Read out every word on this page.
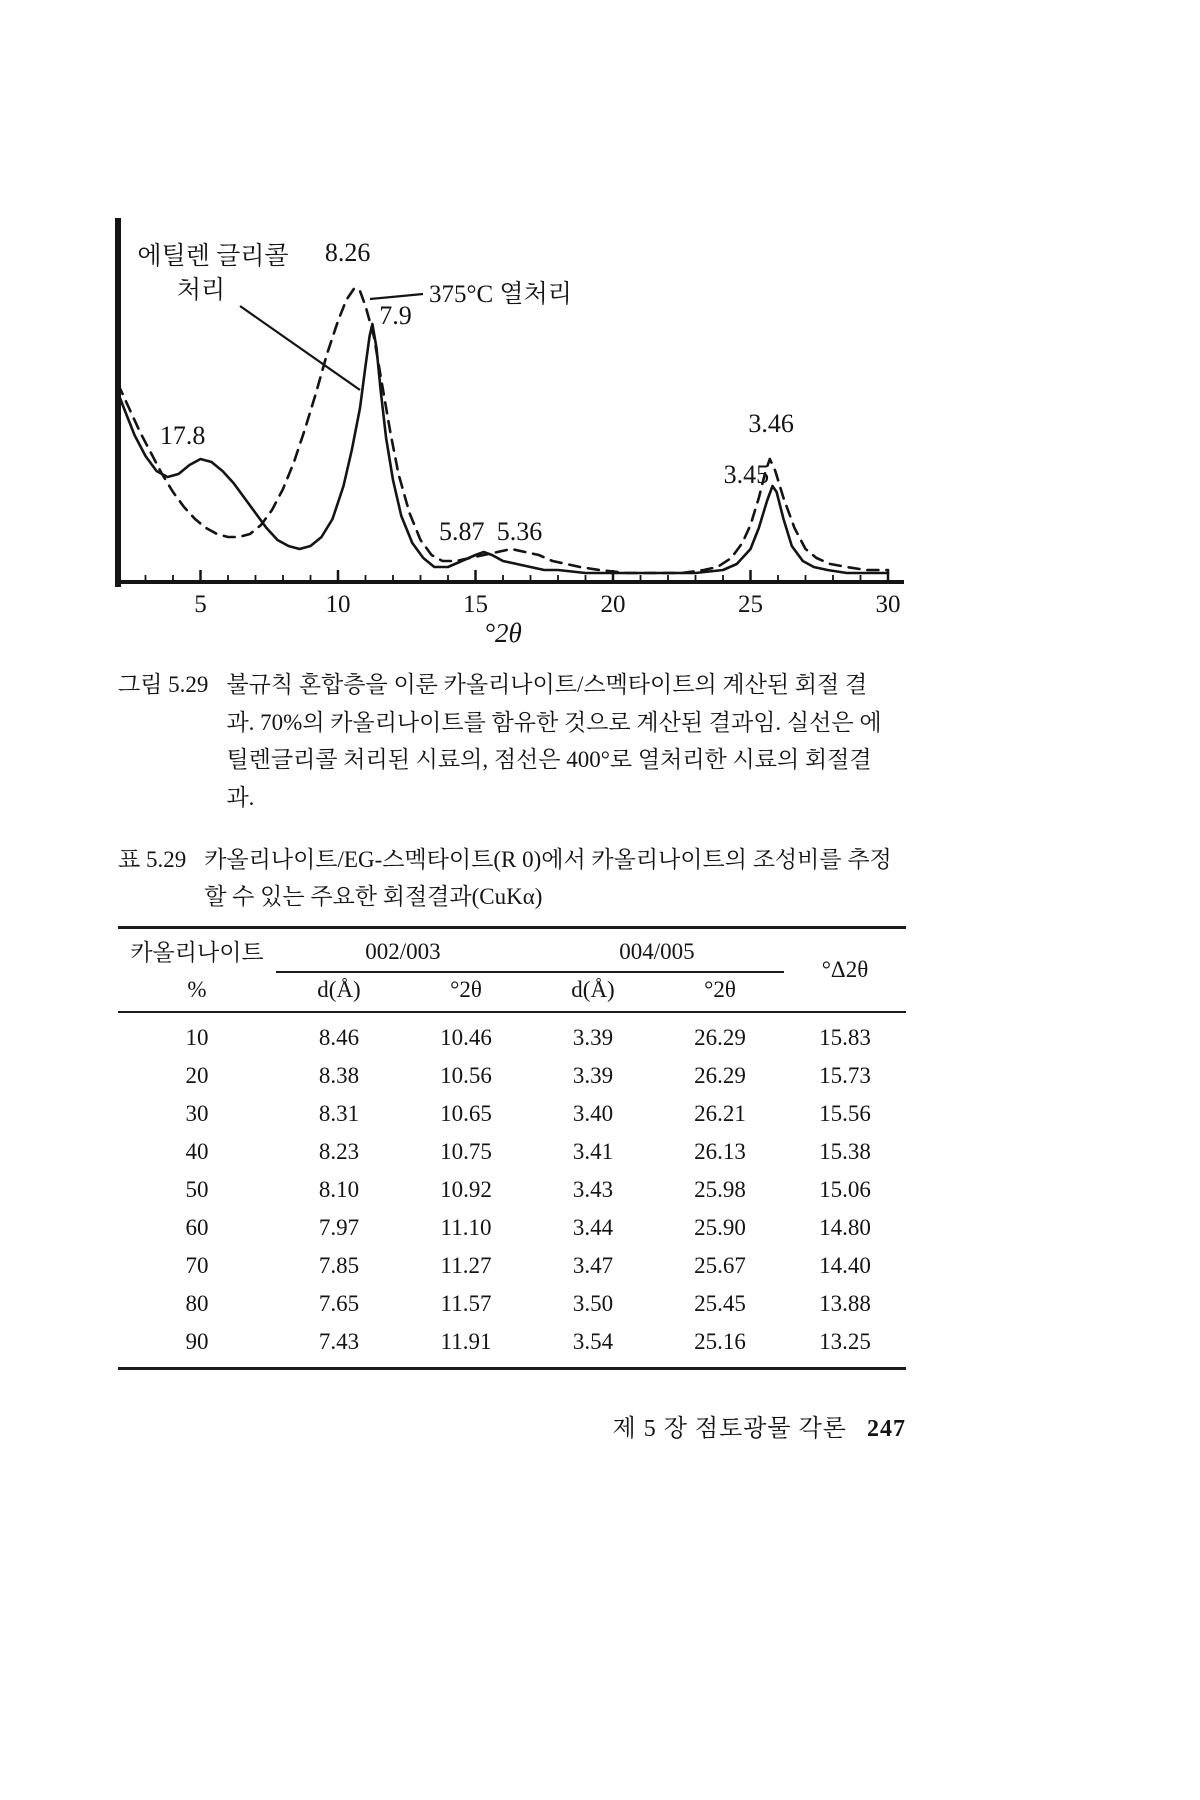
5	10	15	20	25	30
8.26
7.9
17.8
5.87 5.36
3.46
3.45
에틸렌 글리콜
처리	375°C 열처리
°2θ
그림 5.29 불규칙 혼합층을 이룬 카올리나이트/스멕타이트의 계산된 회절 결과. 70%의 카올리나이트를 함유한 것으로 계산된 결과임. 실선은 에틸렌글리콜 처리된 시료의, 점선은 400°로 열처리한 시료의 회절결과.

표 5.29 카올리나이트/EG-스멕타이트(R 0)에서 카올리나이트의 조성비를 추정할 수 있는 주요한 회절결과(CuKα)

카올리나이트	002/003		004/005		°Δ2θ
%	d(Å)	°2θ	d(Å)	°2θ	
10	8.46	10.46	3.39	26.29	15.83
20	8.38	10.56	3.39	26.29	15.73
30	8.31	10.65	3.40	26.21	15.56
40	8.23	10.75	3.41	26.13	15.38
50	8.10	10.92	3.43	25.98	15.06
60	7.97	11.10	3.44	25.90	14.80
70	7.85	11.27	3.47	25.67	14.40
80	7.65	11.57	3.50	25.45	13.88
90	7.43	11.91	3.54	25.16	13.25
제 5 장 점토광물 각론 247
